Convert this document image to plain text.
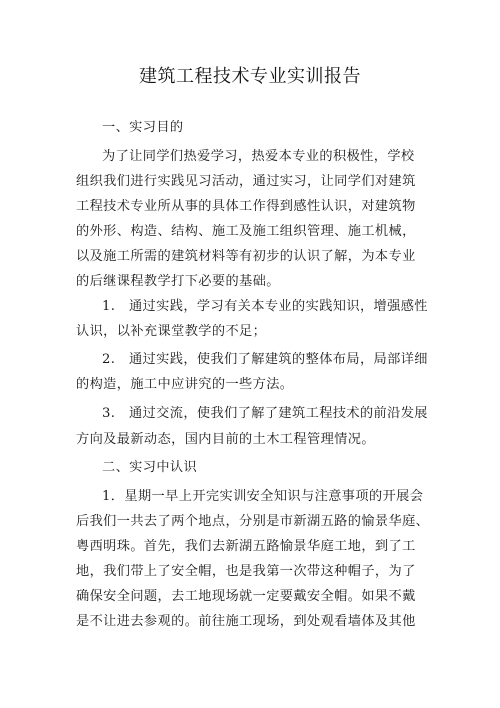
建筑工程技术专业实训报告
一、实习目的
为了让同学们热爱学习，热爱本专业的积极性，学校
组织我们进行实践见习活动，通过实习，让同学们对建筑
工程技术专业所从事的具体工作得到感性认识，对建筑物
的外形、构造、结构、施工及施工组织管理、施工机械，
以及施工所需的建筑材料等有初步的认识了解，为本专业
的后继课程教学打下必要的基础。
1.　通过实践，学习有关本专业的实践知识，增强感性
认识，以补充课堂教学的不足；
2.　通过实践，使我们了解建筑的整体布局，局部详细
的构造，施工中应讲究的一些方法。
3.　通过交流，使我们了解了建筑工程技术的前沿发展
方向及最新动态，国内目前的土木工程管理情况。
二、实习中认识
1．星期一早上开完实训安全知识与注意事项的开展会
后我们一共去了两个地点，分别是市新湖五路的愉景华庭、
粤西明珠。首先，我们去新湖五路愉景华庭工地，到了工
地，我们带上了安全帽，也是我第一次带这种帽子，为了
确保安全问题，去工地现场就一定要戴安全帽。如果不戴
是不让进去参观的。前往施工现场，到处观看墙体及其他
